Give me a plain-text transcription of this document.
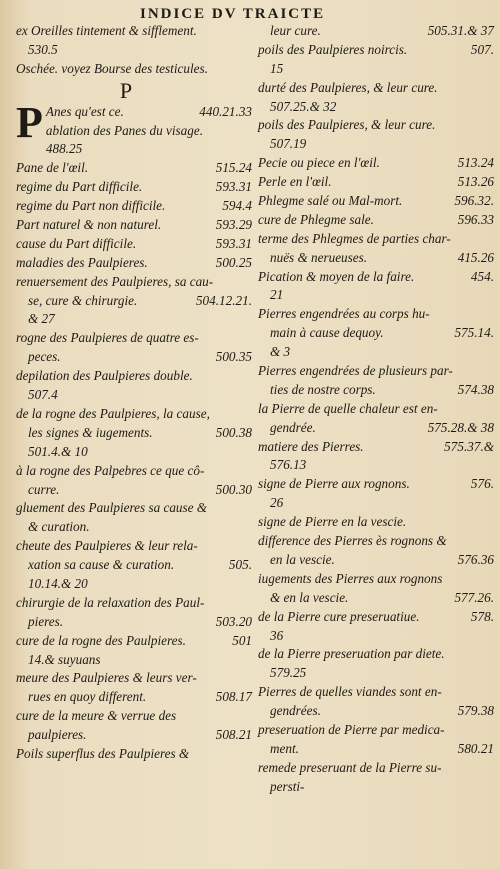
INDICE DV TRAICTE
ex Oreilles tintement & sifflement.
530.5
Oschée. voyez Bourse des testicules.
P
P Anes qu'est ce.	440.21.33
ablation des Panes du visage.
488.25
Pane de l'œil.	515.24
regime du Part difficile.	593.31
regime du Part non difficile.	594.4
Part naturel & non naturel.	593.29
cause du Part difficile.	593.31
maladies des Paulpieres.	500.25
renuersement des Paulpieres, sa cau-
se, cure & chirurgie.	504.12.21.
& 27
rogne des Paulpieres de quatre es-
peces.	500.35
depilation des Paulpieres double.
507.4
de la rogne des Paulpieres, la cause,
les signes & iugements.	500.38
501.4.& 10
à la rogne des Palpebres ce que cô-
curre.	500.30
gluement des Paulpieres sa cause &
& curation.
cheute des Paulpieres & leur rela-
xation sa cause & curation.	505.
10.14.& 20
chirurgie de la relaxation des Paul-
pieres.	503.20
cure de la rogne des Paulpieres.	501
14.& suyuans
meure des Paulpieres & leurs ver-
rues en quoy different.	508.17
cure de la meure & verrue des
paulpieres.	508.21
Poils superflus des Paulpieres &
leur cure.	505.31.& 37
poils des Paulpieres noircis.	507.
15
durté des Paulpieres, & leur cure.
507.25.& 32
poils des Paulpieres, & leur cure.
507.19
Pecie ou piece en l'œil.	513.24
Perle en l'œil.	513.26
Phlegme salé ou Mal-mort.	596.32.
cure de Phlegme sale.	596.33
terme des Phlegmes de parties char-
nuës & nerueuses.	415.26
Pication & moyen de la faire.	454.
21
Pierres engendrées au corps hu-
main à cause dequoy.	575.14.
& 3
Pierres engendrées de plusieurs par-
ties de nostre corps.	574.38
la Pierre de quelle chaleur est en-
gendrée.	575.28.& 38
matiere des Pierres.	575.37.&
576.13
signe de Pierre aux rognons.	576.
26
signe de Pierre en la vescie.
difference des Pierres ès rognons &
en la vescie.	576.36
iugements des Pierres aux rognons
& en la vescie.	577.26.
de la Pierre cure preseruatiue.	578.
36
de la Pierre preseruation par diete.
579.25
Pierres de quelles viandes sont en-
gendrées.	579.38
preseruation de Pierre par medica-
ment.	580.21
remede preseruant de la Pierre su-
persti-
